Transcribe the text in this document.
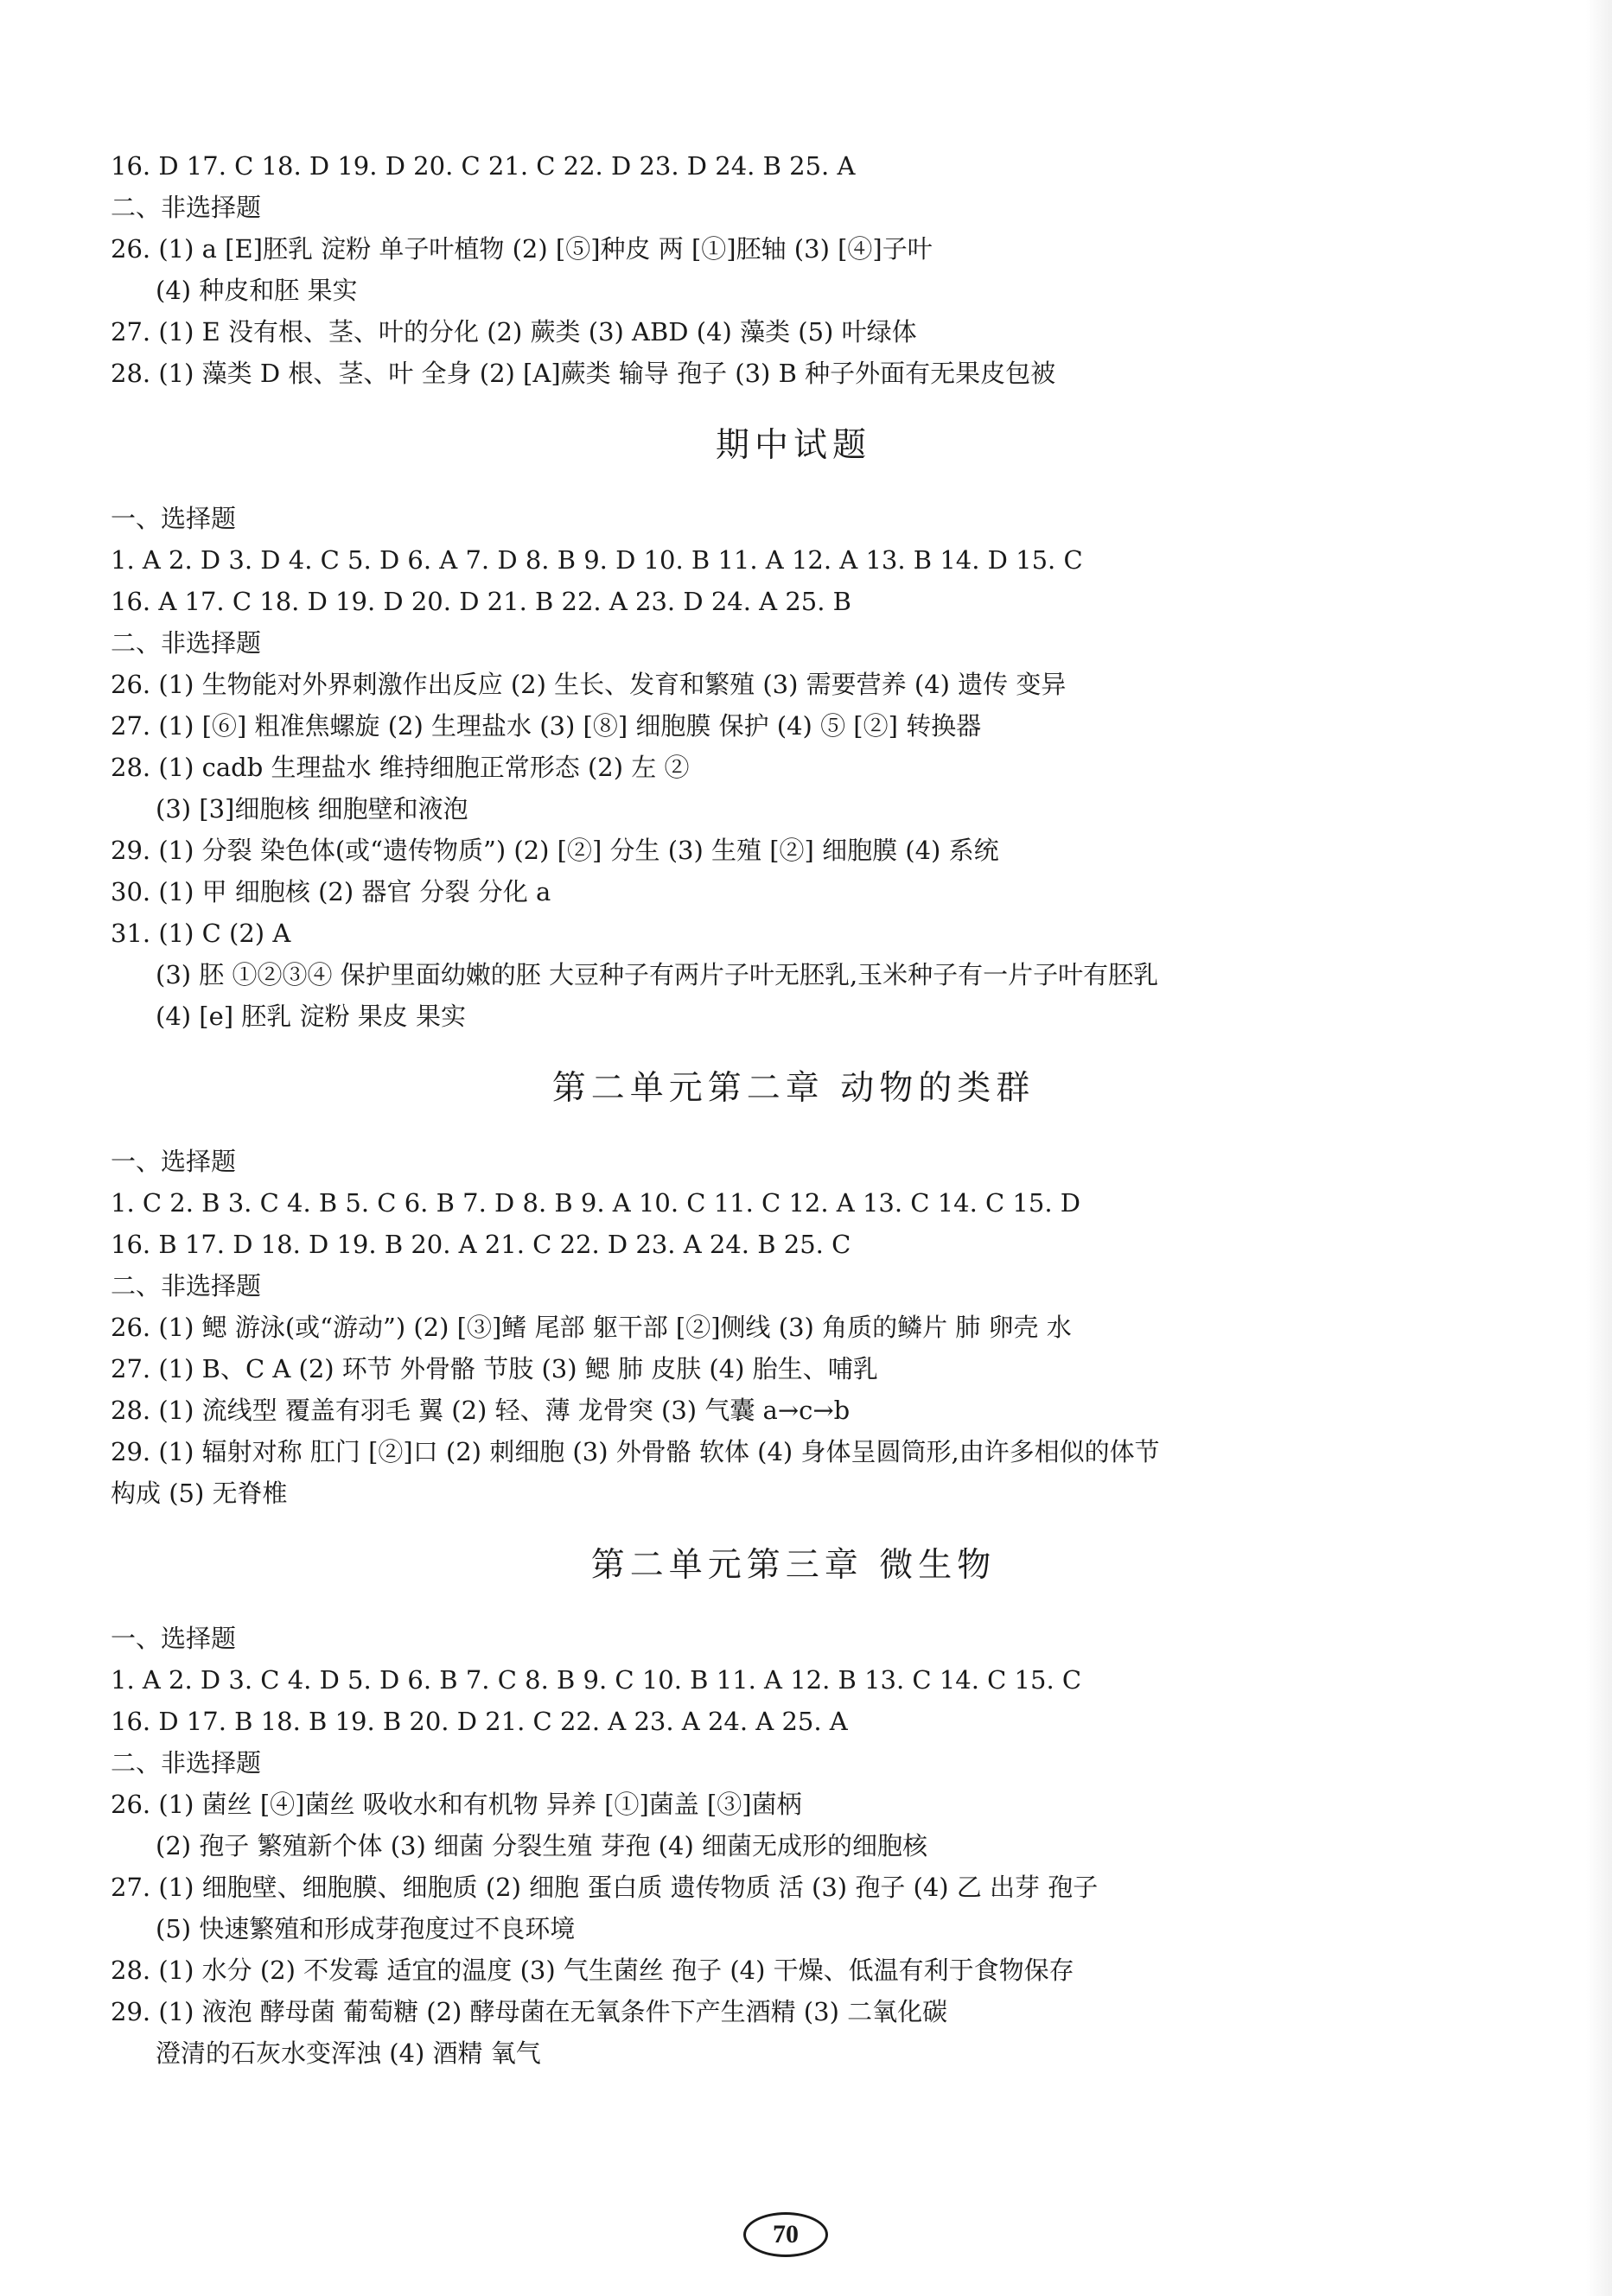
16. D 17. C 18. D 19. D 20. C 21. C 22. D 23. D 24. B 25. A
二、非选择题
26. (1) a [E]胚乳 淀粉 单子叶植物 (2) [⑤]种皮 两 [①]胚轴 (3) [④]子叶
(4) 种皮和胚 果实
27. (1) E 没有根、茎、叶的分化 (2) 蕨类 (3) ABD (4) 藻类 (5) 叶绿体
28. (1) 藻类 D 根、茎、叶 全身 (2) [A]蕨类 输导 孢子 (3) B 种子外面有无果皮包被
期中试题
一、选择题
1. A 2. D 3. D 4. C 5. D 6. A 7. D 8. B 9. D 10. B 11. A 12. A 13. B 14. D 15. C
16. A 17. C 18. D 19. D 20. D 21. B 22. A 23. D 24. A 25. B
二、非选择题
26. (1) 生物能对外界刺激作出反应 (2) 生长、发育和繁殖 (3) 需要营养 (4) 遗传 变异
27. (1) [⑥] 粗准焦螺旋 (2) 生理盐水 (3) [⑧] 细胞膜 保护 (4) ⑤ [②] 转换器
28. (1) cadb 生理盐水 维持细胞正常形态 (2) 左 ②
(3) [3]细胞核 细胞壁和液泡
29. (1) 分裂 染色体(或“遗传物质”) (2) [②] 分生 (3) 生殖 [②] 细胞膜 (4) 系统
30. (1) 甲 细胞核 (2) 器官 分裂 分化 a
31. (1) C (2) A
(3) 胚 ①②③④ 保护里面幼嫩的胚 大豆种子有两片子叶无胚乳,玉米种子有一片子叶有胚乳
(4) [e] 胚乳 淀粉 果皮 果实
第二单元第二章 动物的类群
一、选择题
1. C 2. B 3. C 4. B 5. C 6. B 7. D 8. B 9. A 10. C 11. C 12. A 13. C 14. C 15. D
16. B 17. D 18. D 19. B 20. A 21. C 22. D 23. A 24. B 25. C
二、非选择题
26. (1) 鳃 游泳(或“游动”) (2) [③]鳍 尾部 躯干部 [②]侧线 (3) 角质的鳞片 肺 卵壳 水
27. (1) B、C A (2) 环节 外骨骼 节肢 (3) 鳃 肺 皮肤 (4) 胎生、哺乳
28. (1) 流线型 覆盖有羽毛 翼 (2) 轻、薄 龙骨突 (3) 气囊 a→c→b
29. (1) 辐射对称 肛门 [②]口 (2) 刺细胞 (3) 外骨骼 软体 (4) 身体呈圆筒形,由许多相似的体节
构成 (5) 无脊椎
第二单元第三章 微生物
一、选择题
1. A 2. D 3. C 4. D 5. D 6. B 7. C 8. B 9. C 10. B 11. A 12. B 13. C 14. C 15. C
16. D 17. B 18. B 19. B 20. D 21. C 22. A 23. A 24. A 25. A
二、非选择题
26. (1) 菌丝 [④]菌丝 吸收水和有机物 异养 [①]菌盖 [③]菌柄
(2) 孢子 繁殖新个体 (3) 细菌 分裂生殖 芽孢 (4) 细菌无成形的细胞核
27. (1) 细胞壁、细胞膜、细胞质 (2) 细胞 蛋白质 遗传物质 活 (3) 孢子 (4) 乙 出芽 孢子
(5) 快速繁殖和形成芽孢度过不良环境
28. (1) 水分 (2) 不发霉 适宜的温度 (3) 气生菌丝 孢子 (4) 干燥、低温有利于食物保存
29. (1) 液泡 酵母菌 葡萄糖 (2) 酵母菌在无氧条件下产生酒精 (3) 二氧化碳
澄清的石灰水变浑浊 (4) 酒精 氧气
70
